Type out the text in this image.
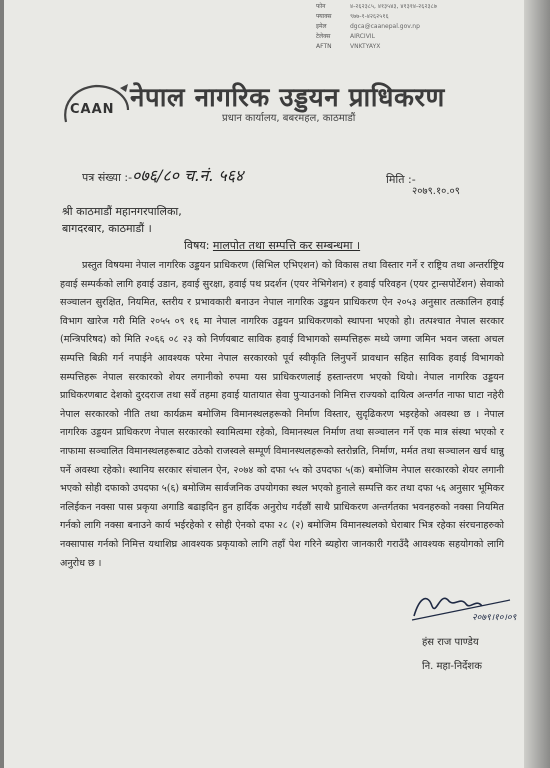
फोन	४-२६२३८५, ४१३५४३, ४१३१४-२६२३८७
फ्याक्स	९७७-१-४२६२५१६
इमेल	dgca@caanepal.gov.np
टेलेक्स	AIRCIVIL
AFTN	VNKTYAYX
CAAN नेपाल नागरिक उड्डयन प्राधिकरण
प्रधान कार्यालय, बबरमहल, काठमाडौं
पत्र संख्या :- ०७६/८० च.नं. ५६४	मिति :-
२०७९.१०.०९
श्री काठमाडौं महानगरपालिका,
बागदरबार, काठमाडौं ।
विषय: मालपोत तथा सम्पत्ति कर सम्बन्धमा ।

प्रस्तुत विषयमा नेपाल नागरिक उड्डयन प्राधिकरण (सिभिल एभिएशन) को विकास तथा विस्तार गर्ने र राष्ट्रिय तथा अन्तर्राष्ट्रिय हवाई सम्पर्कको लागि हवाई उडान, हवाई सुरक्षा, हवाई पथ प्रदर्शन (एयर नेभिगेशन) र हवाई परिवहन (एयर ट्रान्सपोर्टेशन) सेवाको सञ्चालन सुरक्षित, नियमित, स्तरीय र प्रभावकारी बनाउन नेपाल नागरिक उड्डयन प्राधिकरण ऐन २०५३ अनुसार तत्कालिन हवाई विभाग खारेज गरी मिति २०५५ ०९ १६ मा नेपाल नागरिक उड्डयन प्राधिकरणको स्थापना भएको हो। तत्पश्चात नेपाल सरकार (मन्त्रिपरिषद) को मिति २०६६ ०८ २३ को निर्णयबाट साविक हवाई विभागको सम्पत्तिहरू मध्ये जग्गा जमिन भवन जस्ता अचल सम्पत्ति बिक्री गर्न नपाईने आवश्यक परेमा नेपाल सरकारको पूर्व स्वीकृति लिनुपर्ने प्रावधान सहित साविक हवाई विभागको सम्पत्तिहरू नेपाल सरकारको शेयर लगानीको रुपमा यस प्राधिकरणलाई हस्तान्तरण भएको थियो। नेपाल नागरिक उड्डयन प्राधिकरणबाट देशको दुरदराज तथा सर्वे तहमा हवाई यातायात सेवा पुऱ्याउनको निमित्त राज्यको दायित्व अन्तर्गत नाफा घाटा नहेरी नेपाल सरकारको नीति तथा कार्यक्रम बमोजिम विमानस्थलहरूको निर्माण विस्तार, सुदृढिकरण भइरहेको अवस्था छ । नेपाल नागरिक उड्डयन प्राधिकरण नेपाल सरकारको स्वामित्वमा रहेको, विमानस्थल निर्माण तथा सञ्चालन गर्ने एक मात्र संस्था भएको र नाफामा सञ्चालित विमानस्थलहरूबाट उठेको राजस्वले सम्पूर्ण विमानस्थलहरूको स्तरोन्नति, निर्माण, मर्मत तथा सञ्चालन खर्च धान्नु पर्ने अवस्था रहेको। स्थानिय सरकार संचालन ऐन, २०७४ को दफा ५५ को उपदफा ५(क) बमोजिम नेपाल सरकारको शेयर लगानी भएको सोही दफाको उपदफा ५(६) बमोजिम सार्वजनिक उपयोगका स्थल भएको हुनाले सम्पत्ति कर तथा दफा ५६ अनुसार भूमिकर नलिईकन नक्सा पास प्रकृया अगाडि बढाइदिन हुन हार्दिक अनुरोध गर्दछौं साथै प्राधिकरण अन्तर्गतका भवनहरुको नक्सा नियमित गर्नको लागि नक्सा बनाउने कार्य भईरहेको र सोही ऐनको दफा २८ (२) बमोजिम विमानस्थलको घेराबार भित्र रहेका संरचनाहरुको नक्सापास गर्नको निमित्त यथाशिघ्र आवश्यक प्रकृयाको लागि तहाँ पेश गरिने ब्यहोरा जानकारी गराउँदै आवश्यक सहयोगको लागि अनुरोध छ ।

२०७९।१०।०९
हंस राज पाण्डेय
नि. महा-निर्देशक
